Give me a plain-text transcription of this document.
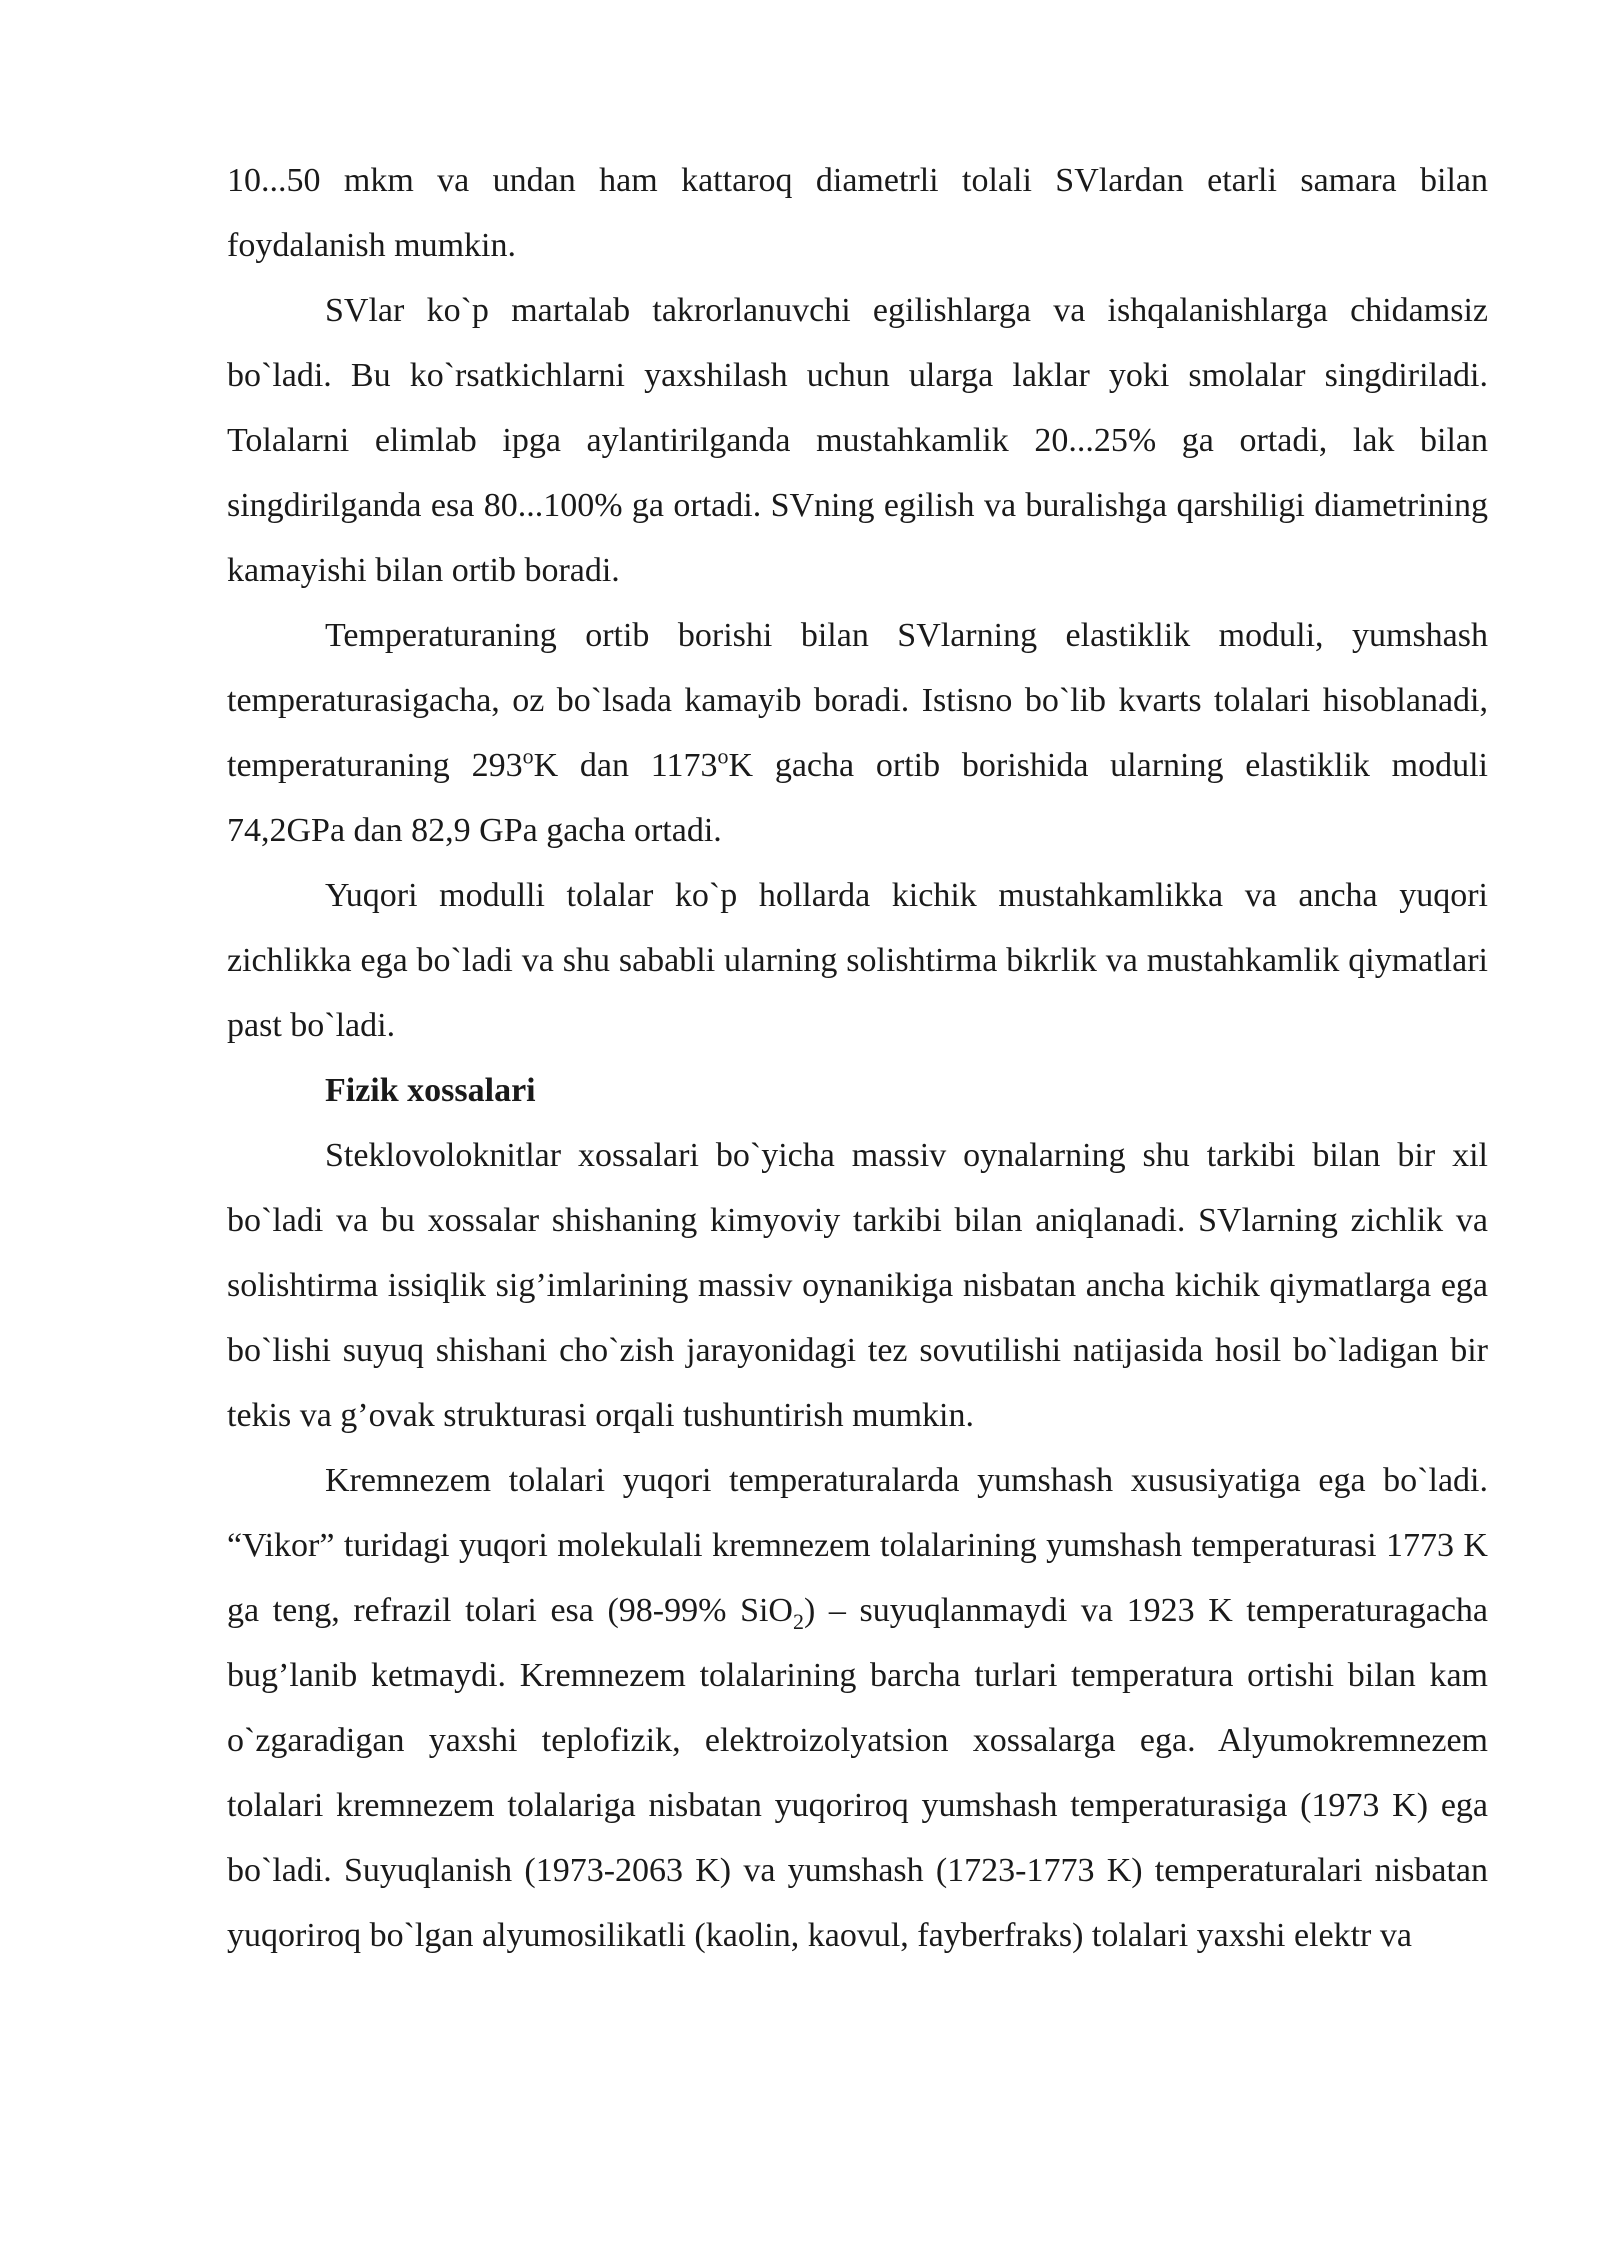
10...50 mkm va undan ham kattaroq diametrli tolali SVlardan etarli samara bilan foydalanish mumkin.

SVlar ko`p martalab takrorlanuvchi egilishlarga va ishqalanishlarga chidamsiz bo`ladi. Bu ko`rsatkichlarni yaxshilash uchun ularga laklar yoki smolalar singdiriladi. Tolalarni elimlab ipga aylantirilganda mustahkamlik 20...25% ga ortadi, lak bilan singdirilganda esa 80...100% ga ortadi. SVning egilish va buralishga qarshiligi diametrining kamayishi bilan ortib boradi.

Temperaturaning ortib borishi bilan SVlarning elastiklik moduli, yumshash temperaturasigacha, oz bo`lsada kamayib boradi. Istisno bo`lib kvarts tolalari hisoblanadi, temperaturaning 293$^o$K dan 1173$^o$K gacha ortib borishida ularning elastiklik moduli 74,2GPa dan 82,9 GPa gacha ortadi.

Yuqori modulli tolalar ko`p hollarda kichik mustahkamlikka va ancha yuqori zichlikka ega bo`ladi va shu sababli ularning solishtirma bikrlik va mustahkamlik qiymatlari past bo`ladi.

Fizik xossalari

Steklovoloknitlar xossalari bo`yicha massiv oynalarning shu tarkibi bilan bir xil bo`ladi va bu xossalar shishaning kimyoviy tarkibi bilan aniqlanadi. SVlarning zichlik va solishtirma issiqlik sig’imlarining massiv oynanikiga nisbatan ancha kichik qiymatlarga ega bo`lishi suyuq shishani cho`zish jarayonidagi tez sovutilishi natijasida hosil bo`ladigan bir tekis va g’ovak strukturasi orqali tushuntirish mumkin.

Kremnezem tolalari yuqori temperaturalarda yumshash xususiyatiga ega bo`ladi. “Vikor” turidagi yuqori molekulali kremnezem tolalarining yumshash temperaturasi 1773 K ga teng, refrazil tolari esa (98-99% SiO$_2$) – suyuqlanmaydi va 1923 K temperaturagacha bug’lanib ketmaydi. Kremnezem tolalarining barcha turlari temperatura ortishi bilan kam o`zgaradigan yaxshi teplofizik, elektroizolyatsion xossalarga ega. Alyumokremnezem tolalari kremnezem tolalariga nisbatan yuqoriroq yumshash temperaturasiga (1973 K) ega bo`ladi. Suyuqlanish (1973-2063 K) va yumshash (1723-1773 K) temperaturalari nisbatan yuqoriroq bo`lgan alyumosilikatli (kaolin, kaovul, fayberfraks) tolalari yaxshi elektr va
